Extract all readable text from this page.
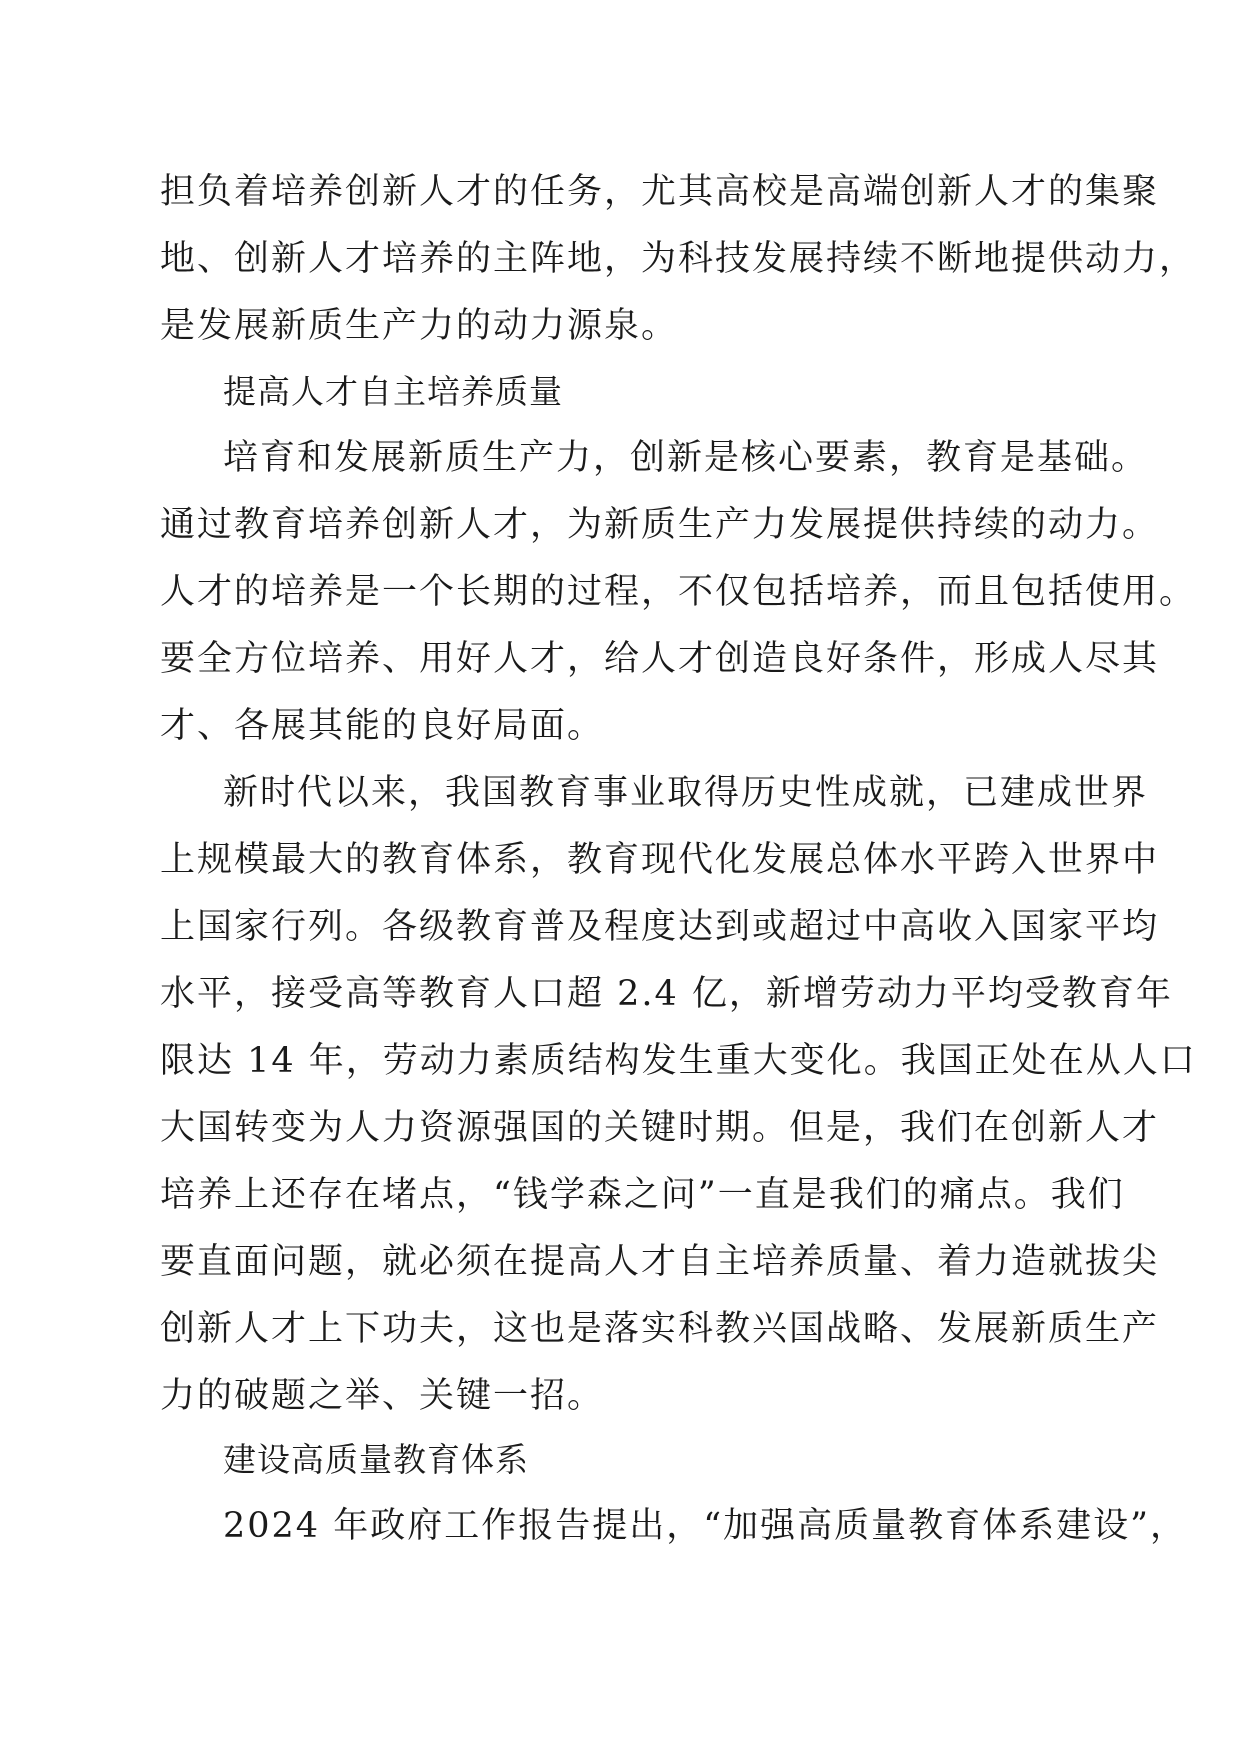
担负着培养创新人才的任务，尤其高校是高端创新人才的集聚
地、创新人才培养的主阵地，为科技发展持续不断地提供动力，
是发展新质生产力的动力源泉。
提高人才自主培养质量
培育和发展新质生产力，创新是核心要素，教育是基础。
通过教育培养创新人才，为新质生产力发展提供持续的动力。
人才的培养是一个长期的过程，不仅包括培养，而且包括使用。
要全方位培养、用好人才，给人才创造良好条件，形成人尽其
才、各展其能的良好局面。
新时代以来，我国教育事业取得历史性成就，已建成世界
上规模最大的教育体系，教育现代化发展总体水平跨入世界中
上国家行列。各级教育普及程度达到或超过中高收入国家平均
水平，接受高等教育人口超 2.4 亿，新增劳动力平均受教育年
限达 14 年，劳动力素质结构发生重大变化。我国正处在从人口
大国转变为人力资源强国的关键时期。但是，我们在创新人才
培养上还存在堵点，“钱学森之问”一直是我们的痛点。我们
要直面问题，就必须在提高人才自主培养质量、着力造就拔尖
创新人才上下功夫，这也是落实科教兴国战略、发展新质生产
力的破题之举、关键一招。
建设高质量教育体系
2024 年政府工作报告提出，“加强高质量教育体系建设”，
